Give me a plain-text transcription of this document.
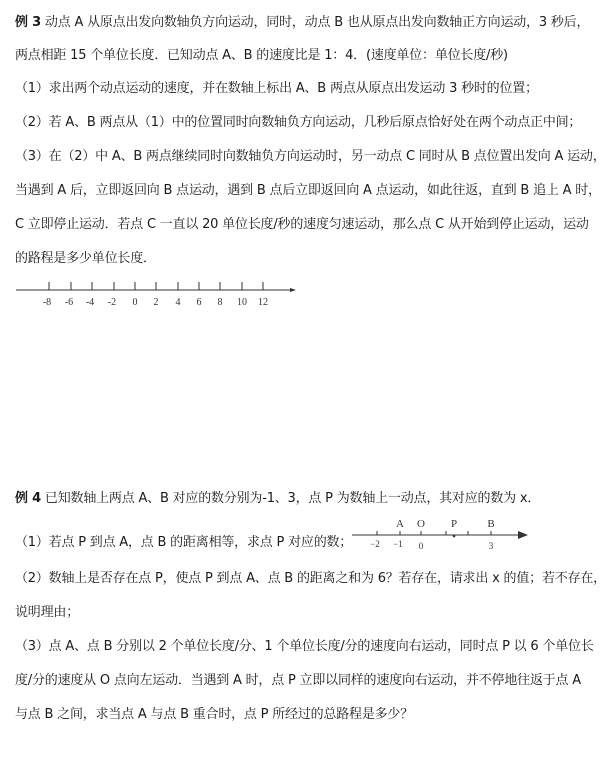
例 3 动点 A 从原点出发向数轴负方向运动，同时，动点 B 也从原点出发向数轴正方向运动，3 秒后，
两点相距 15 个单位长度．已知动点 A、B 的速度比是 1：4．(速度单位：单位长度/秒)
（1）求出两个动点运动的速度，并在数轴上标出 A、B 两点从原点出发运动 3 秒时的位置；
（2）若 A、B 两点从（1）中的位置同时向数轴负方向运动，几秒后原点恰好处在两个动点正中间；
（3）在（2）中 A、B 两点继续同时向数轴负方向运动时，另一动点 C 同时从 B 点位置出发向 A 运动，
当遇到 A 后，立即返回向 B 点运动，遇到 B 点后立即返回向 A 点运动，如此往返，直到 B 追上 A 时，
C 立即停止运动．若点 C 一直以 20 单位长度/秒的速度匀速运动，那么点 C 从开始到停止运动，运动
的路程是多少单位长度．
-8 -6 -4 -2 0 2 4 6 8 10 12
例 4 已知数轴上两点 A、B 对应的数分别为-1、3，点 P 为数轴上一动点，其对应的数为 x．
（1）若点 P 到点 A，点 B 的距离相等，求点 P 对应的数；
A O P	B
−2 −1 0	3
（2）数轴上是否存在点 P，使点 P 到点 A、点 B 的距离之和为 6？若存在，请求出 x 的值；若不存在，
说明理由；
（3）点 A、点 B 分别以 2 个单位长度/分、1 个单位长度/分的速度向右运动，同时点 P 以 6 个单位长
度/分的速度从 O 点向左运动．当遇到 A 时，点 P 立即以同样的速度向右运动，并不停地往返于点 A
与点 B 之间，求当点 A 与点 B 重合时，点 P 所经过的总路程是多少？
